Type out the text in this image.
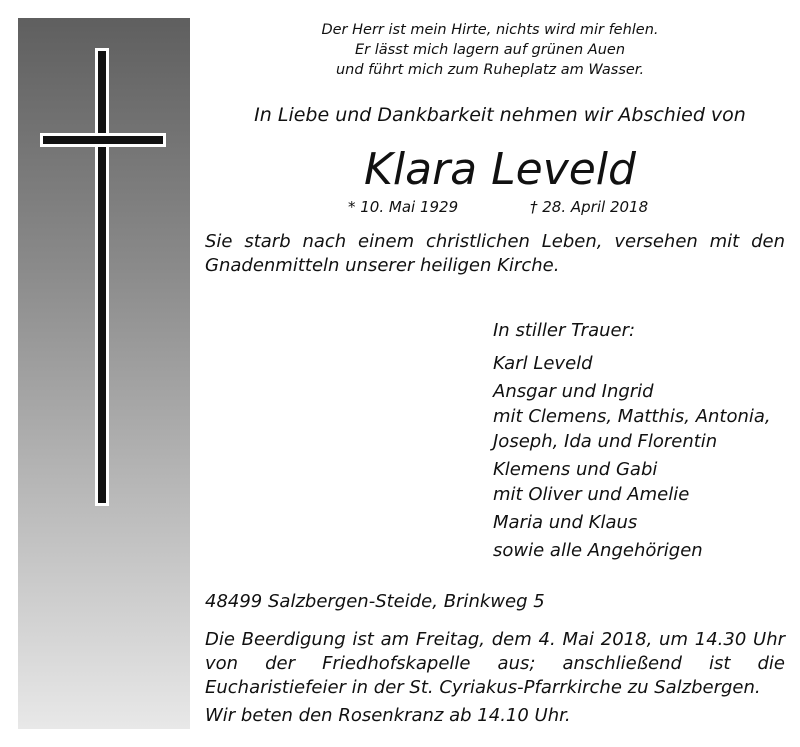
Der Herr ist mein Hirte, nichts wird mir fehlen.
Er lässt mich lagern auf grünen Auen
und führt mich zum Ruheplatz am Wasser.
In Liebe und Dankbarkeit nehmen wir Abschied von
Klara Leveld
* 10. Mai 1929	† 28. April 2018
Sie starb nach einem christlichen Leben, versehen mit den
Gnadenmitteln unserer heiligen Kirche.
In stiller Trauer:
Karl Leveld
Ansgar und Ingrid
mit Clemens, Matthis, Antonia,
Joseph, Ida und Florentin
Klemens und Gabi
mit Oliver und Amelie
Maria und Klaus
sowie alle Angehörigen
48499 Salzbergen-Steide, Brinkweg 5

Die Beerdigung ist am Freitag, dem 4. Mai 2018, um 14.30 Uhr

von der Friedhofskapelle aus; anschließend ist die

Eucharistiefeier in der St. Cyriakus-Pfarrkirche zu Salzbergen.

Wir beten den Rosenkranz ab 14.10 Uhr.
